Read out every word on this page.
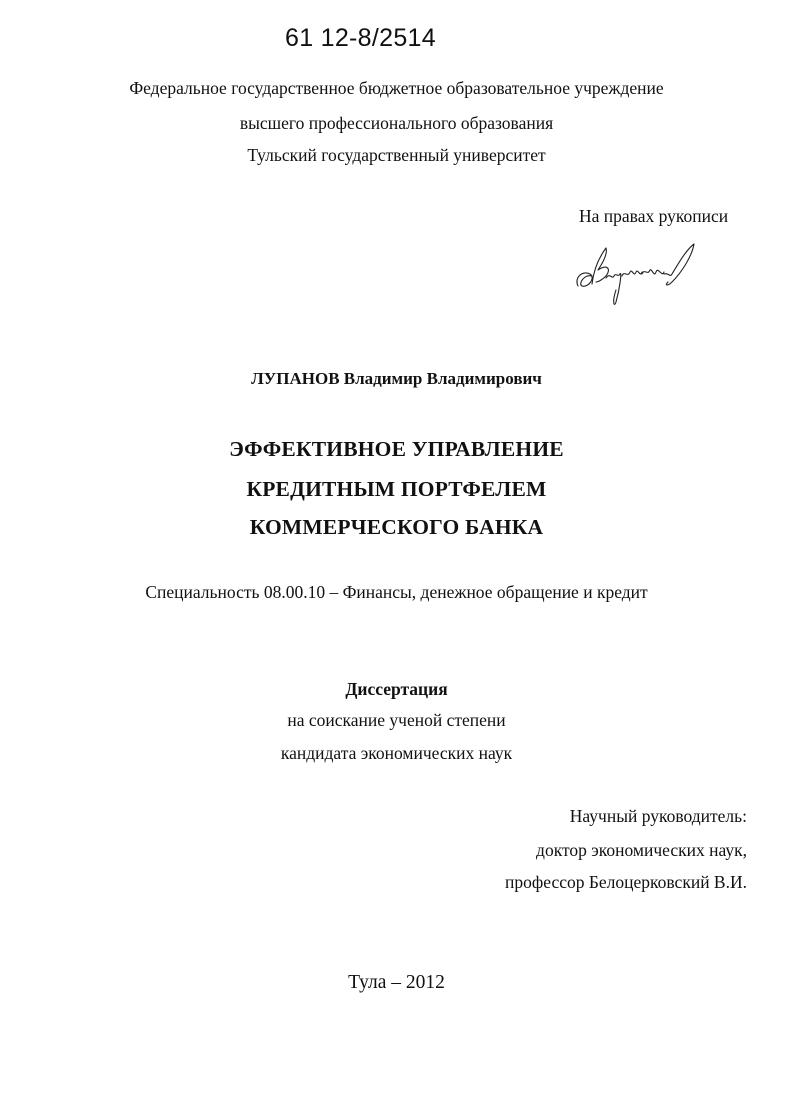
61 12-8/2514
Федеральное государственное бюджетное образовательное учреждение
высшего профессионального образования
Тульский государственный университет
На правах рукописи
ЛУПАНОВ Владимир Владимирович
ЭФФЕКТИВНОЕ УПРАВЛЕНИЕ
КРЕДИТНЫМ ПОРТФЕЛЕМ
КОММЕРЧЕСКОГО БАНКА
Специальность 08.00.10 – Финансы, денежное обращение и кредит
Диссертация
на соискание ученой степени
кандидата экономических наук
Научный руководитель:
доктор экономических наук,
профессор Белоцерковский В.И.
Тула – 2012
